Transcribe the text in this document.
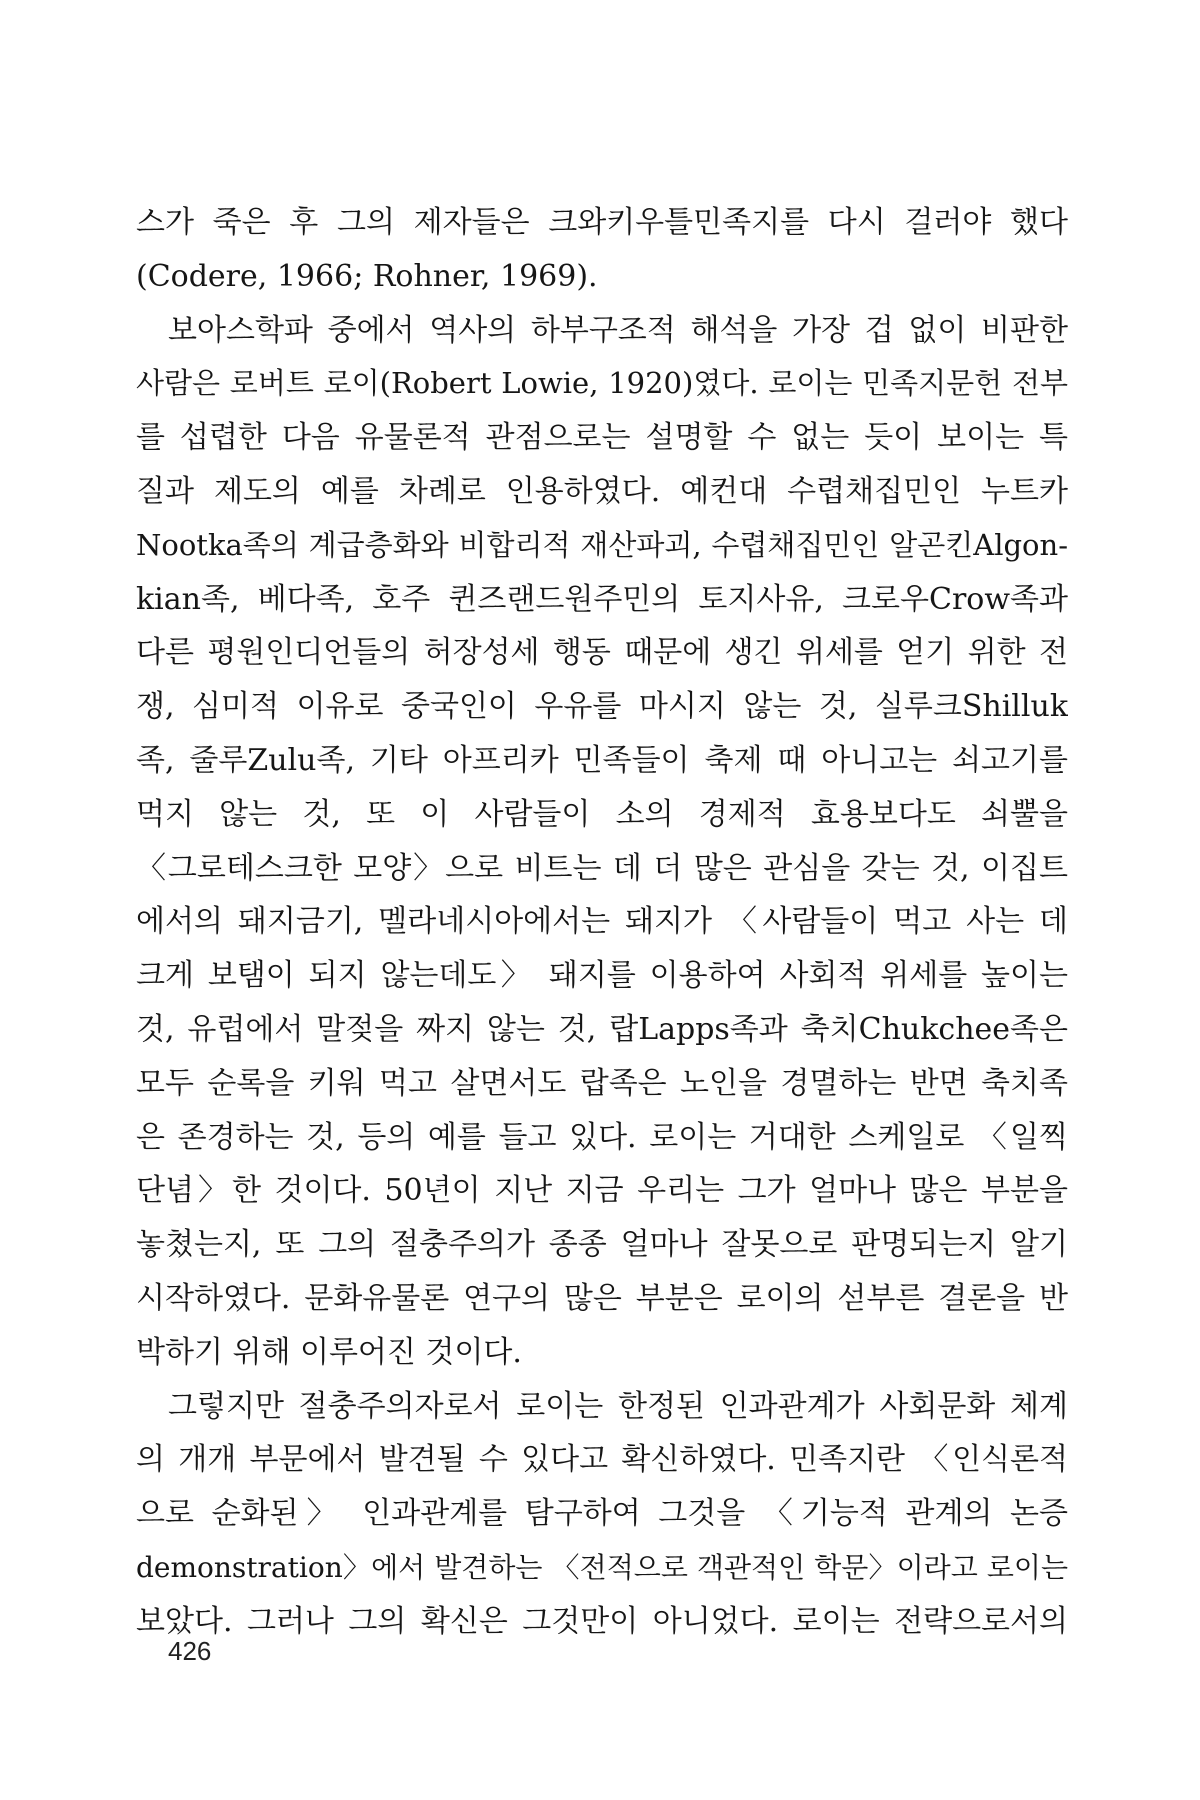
스가 죽은 후 그의 제자들은 크와키우틀민족지를 다시 걸러야 했다
(Codere, 1966; Rohner, 1969).
보아스학파 중에서 역사의 하부구조적 해석을 가장 겁 없이 비판한
사람은 로버트 로이(Robert Lowie, 1920)였다. 로이는 민족지문헌 전부
를 섭렵한 다음 유물론적 관점으로는 설명할 수 없는 듯이 보이는 특
질과 제도의 예를 차례로 인용하였다. 예컨대 수렵채집민인 누트카
Nootka족의 계급층화와 비합리적 재산파괴, 수렵채집민인 알곤킨Algon-
kian족, 베다족, 호주 퀸즈랜드원주민의 토지사유, 크로우Crow족과
다른 평원인디언들의 허장성세 행동 때문에 생긴 위세를 얻기 위한 전
쟁, 심미적 이유로 중국인이 우유를 마시지 않는 것, 실루크Shilluk
족, 줄루Zulu족, 기타 아프리카 민족들이 축제 때 아니고는 쇠고기를
먹지 않는 것, 또 이 사람들이 소의 경제적 효용보다도 쇠뿔을
〈그로테스크한 모양〉으로 비트는 데 더 많은 관심을 갖는 것, 이집트
에서의 돼지금기, 멜라네시아에서는 돼지가 〈사람들이 먹고 사는 데
크게 보탬이 되지 않는데도〉 돼지를 이용하여 사회적 위세를 높이는
것, 유럽에서 말젖을 짜지 않는 것, 랍Lapps족과 축치Chukchee족은
모두 순록을 키워 먹고 살면서도 랍족은 노인을 경멸하는 반면 축치족
은 존경하는 것, 등의 예를 들고 있다. 로이는 거대한 스케일로 〈일찍
단념〉한 것이다. 50년이 지난 지금 우리는 그가 얼마나 많은 부분을
놓쳤는지, 또 그의 절충주의가 종종 얼마나 잘못으로 판명되는지 알기
시작하였다. 문화유물론 연구의 많은 부분은 로이의 섣부른 결론을 반
박하기 위해 이루어진 것이다.
그렇지만 절충주의자로서 로이는 한정된 인과관계가 사회문화 체계
의 개개 부문에서 발견될 수 있다고 확신하였다. 민족지란 〈인식론적
으로 순화된〉 인과관계를 탐구하여 그것을 〈기능적 관계의 논증
demonstration〉에서 발견하는 〈전적으로 객관적인 학문〉이라고 로이는
보았다. 그러나 그의 확신은 그것만이 아니었다. 로이는 전략으로서의
426
